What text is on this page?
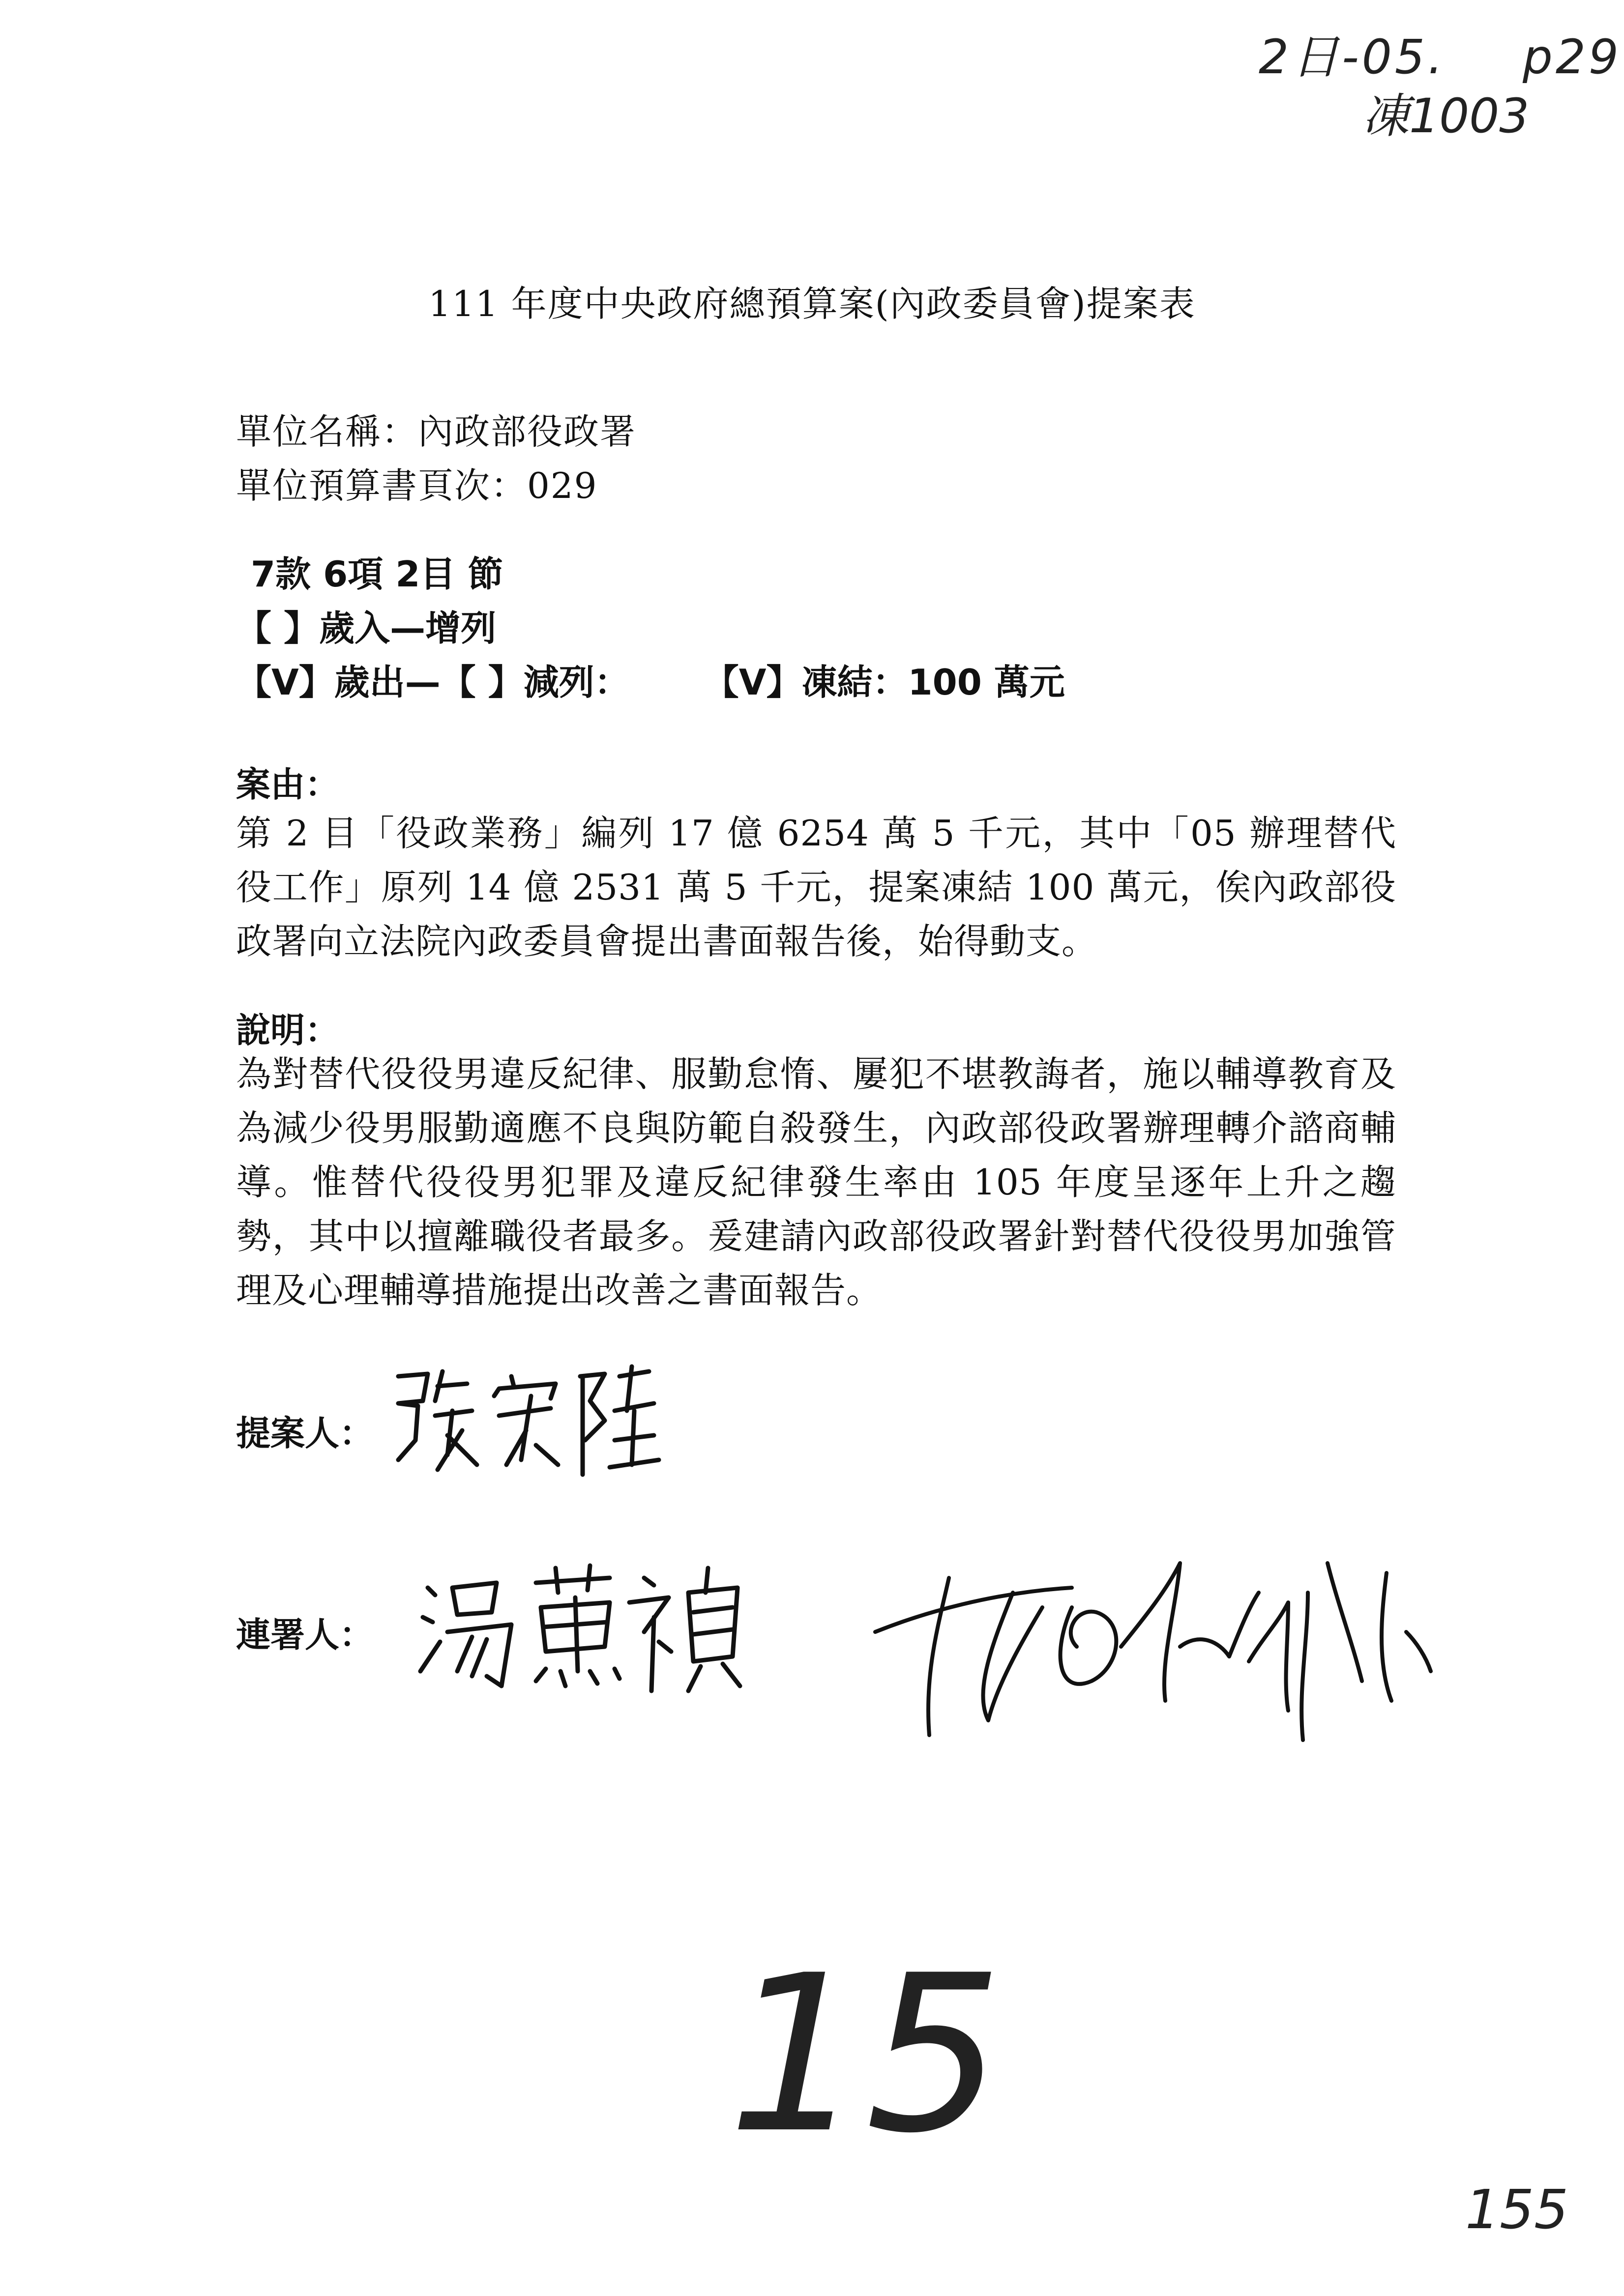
2日-05. p29
凍1003
111 年度中央政府總預算案(內政委員會)提案表
單位名稱：內政部役政署
單位預算書頁次：029
7款 6項 2目 節
【 】歲入—增列
【V】歲出—【 】減列： 【V】凍結：100 萬元
案由：
第 2 目「役政業務」編列 17 億 6254 萬 5 千元，其中「05 辦理替代役工作」原列 14 億 2531 萬 5 千元，提案凍結 100 萬元，俟內政部役政署向立法院內政委員會提出書面報告後，始得動支。
說明：
為對替代役役男違反紀律、服勤怠惰、屢犯不堪教誨者，施以輔導教育及為減少役男服勤適應不良與防範自殺發生，內政部役政署辦理轉介諮商輔導。惟替代役役男犯罪及違反紀律發生率由 105 年度呈逐年上升之趨勢，其中以擅離職役者最多。爰建請內政部役政署針對替代役役男加強管理及心理輔導措施提出改善之書面報告。
提案人：
連署人：
15
155
